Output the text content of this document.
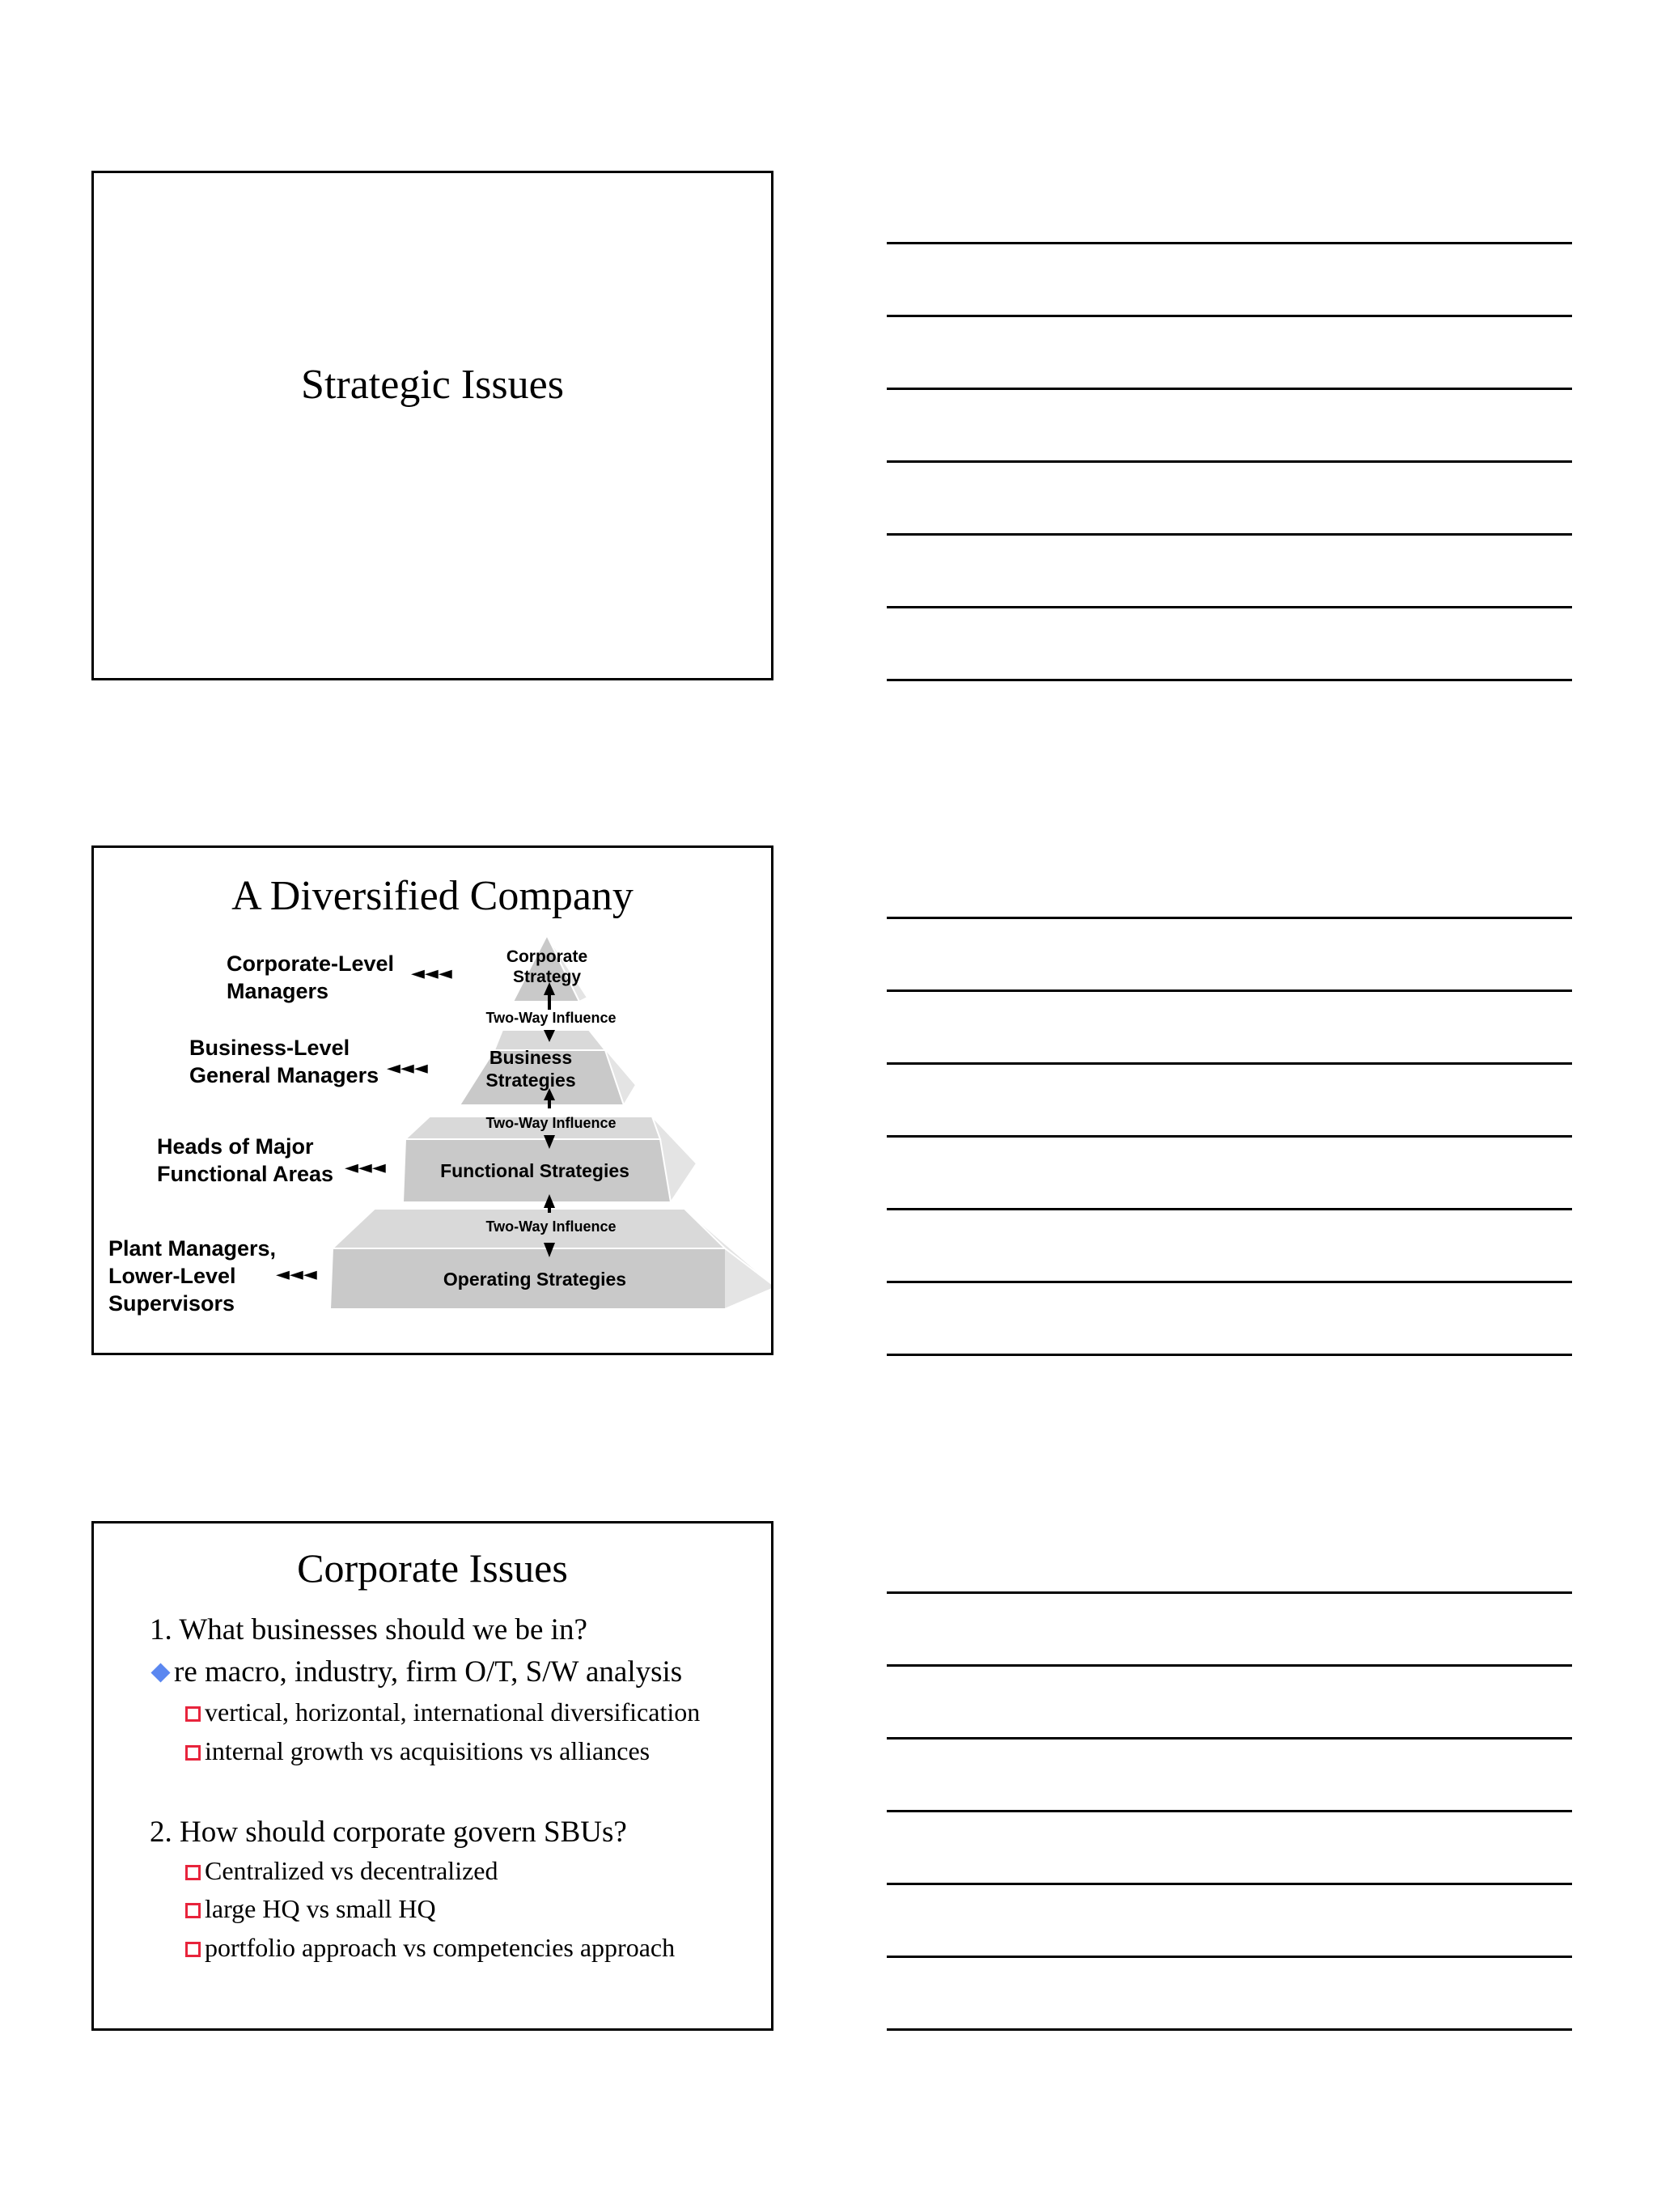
Strategic Issues
A Diversified Company
Corporate-Level
Managers
Business-Level
General Managers
Heads of Major
Functional Areas
Plant Managers,
Lower-Level
Supervisors
◄◄◄
◄◄◄
◄◄◄
◄◄◄
Corporate
Strategy
Business
Strategies
Functional Strategies
Operating Strategies
Two-Way Influence
Two-Way Influence
Two-Way Influence
Corporate Issues
1. What businesses should we be in?
re macro, industry, firm O/T, S/W analysis
vertical, horizontal, international diversification
internal growth vs acquisitions vs alliances
2. How should corporate govern SBUs?
Centralized vs decentralized
large HQ vs small HQ
portfolio approach vs competencies approach
